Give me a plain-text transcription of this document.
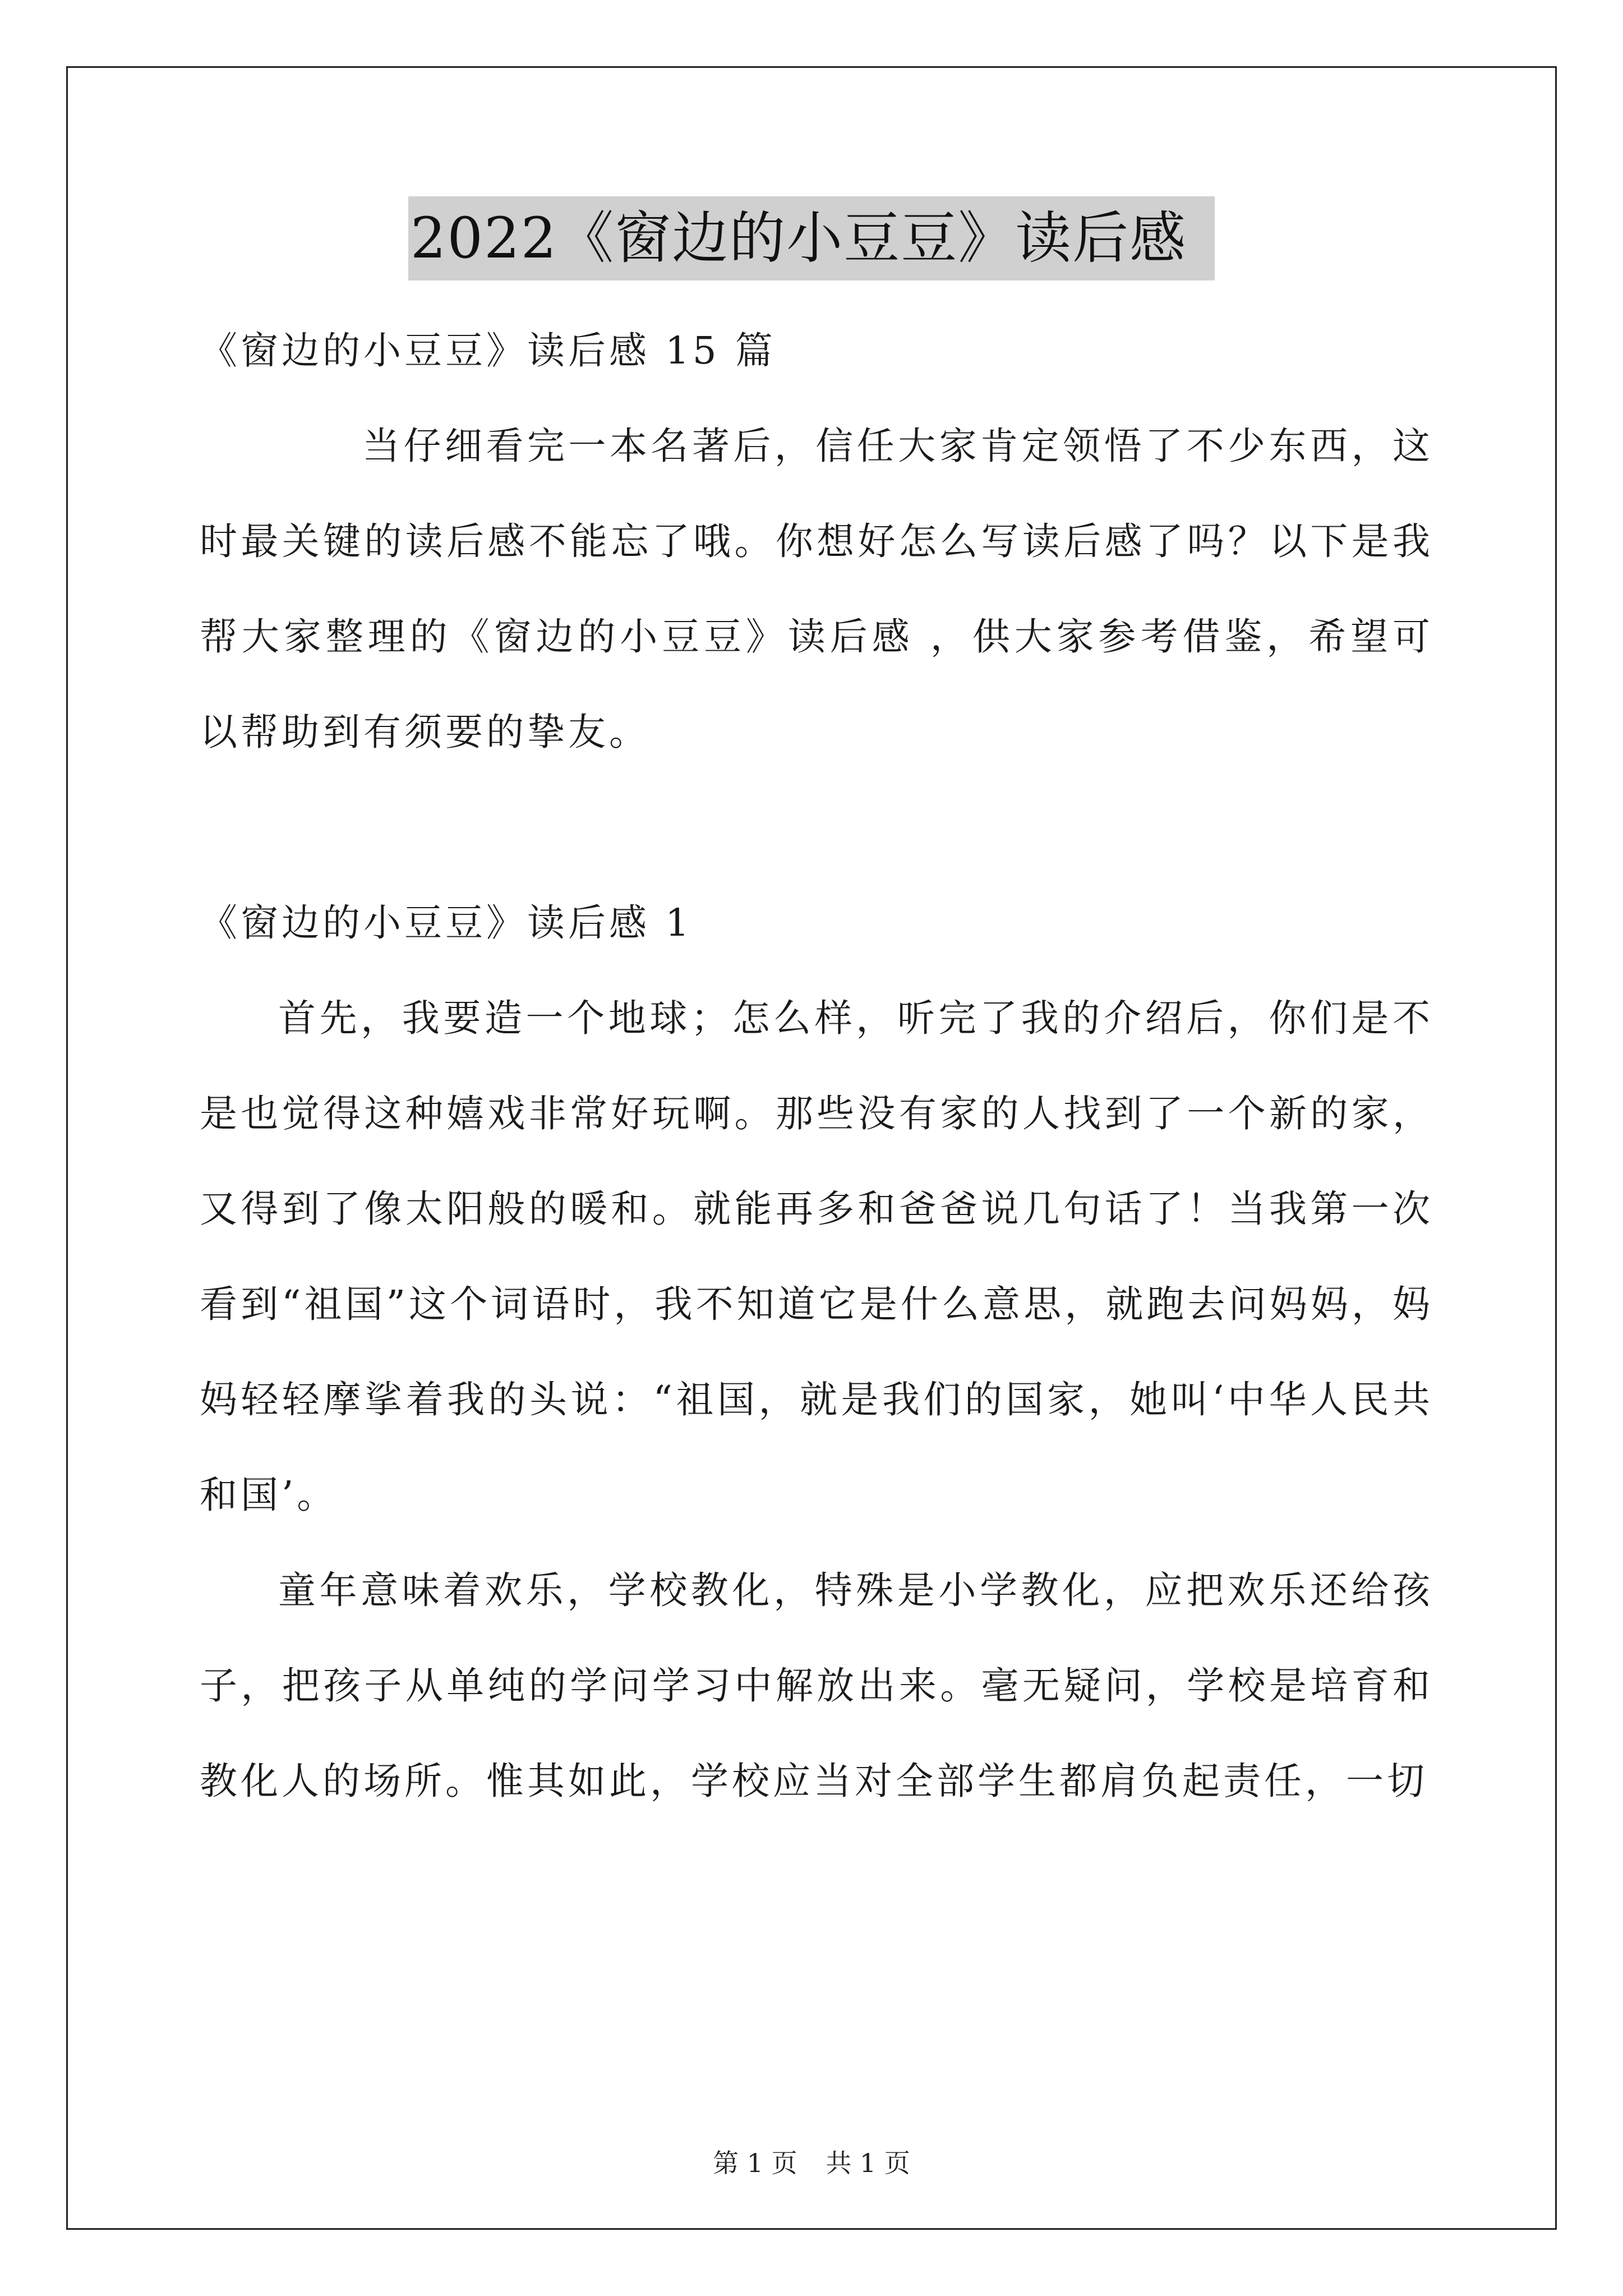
2022《窗边的小豆豆》读后感

《窗边的小豆豆》读后感 15 篇

当仔细看完一本名著后，信任大家肯定领悟了不少东西，这时最关键的读后感不能忘了哦。你想好怎么写读后感了吗？以下是我帮大家整理的《窗边的小豆豆》读后感 ，供大家参考借鉴，希望可以帮助到有须要的挚友。

《窗边的小豆豆》读后感 1

首先，我要造一个地球；怎么样，听完了我的介绍后，你们是不是也觉得这种嬉戏非常好玩啊。那些没有家的人找到了一个新的家，又得到了像太阳般的暖和。就能再多和爸爸说几句话了！当我第一次看到“祖国”这个词语时，我不知道它是什么意思，就跑去问妈妈，妈妈轻轻摩挲着我的头说：“祖国，就是我们的国家，她叫‘中华人民共和国’。

童年意味着欢乐，学校教化，特殊是小学教化，应把欢乐还给孩子，把孩子从单纯的学问学习中解放出来。毫无疑问，学校是培育和教化人的场所。惟其如此，学校应当对全部学生都肩负起责任，一切

第 1 页 共 1 页
